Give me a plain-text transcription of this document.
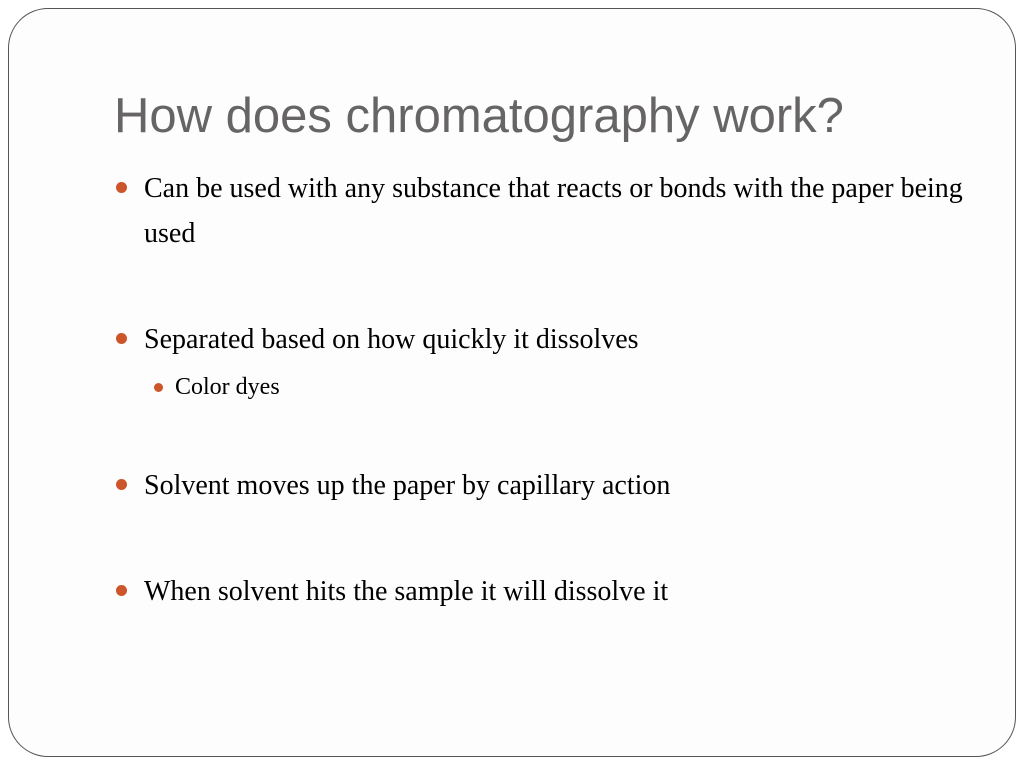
How does chromatography work?
Can be used with any substance that reacts or bonds with the paper being used
Separated based on how quickly it dissolves
Color dyes
Solvent moves up the paper by capillary action
When solvent hits the sample it will dissolve it
